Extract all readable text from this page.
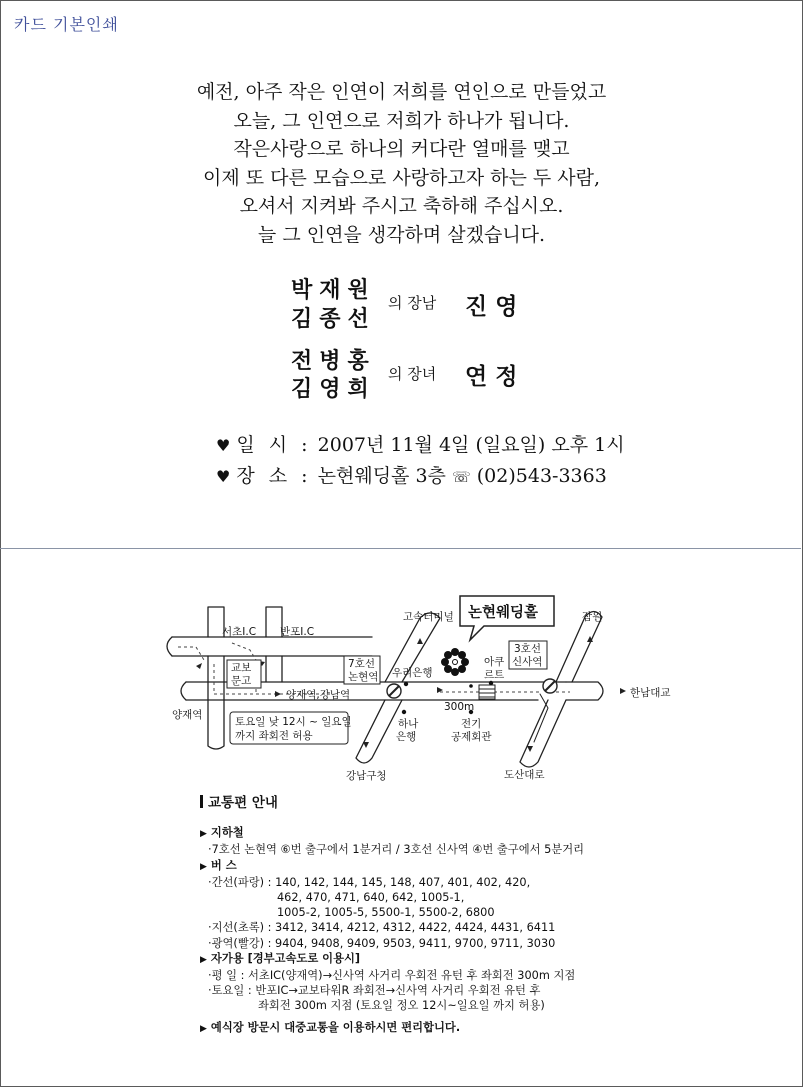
카드 기본인쇄
예전, 아주 작은 인연이 저희를 연인으로 만들었고
오늘, 그 인연으로 저희가 하나가 됩니다.
작은사랑으로 하나의 커다란 열매를 맺고
이제 또 다른 모습으로 사랑하고자 하는 두 사람,
오셔서 지켜봐 주시고 축하해 주십시오.
늘 그 인연을 생각하며 살겠습니다.
박재원
김종선
의 장남 진영
전병홍
김영희
의 장녀 연정
♥ 일 시 : 2007년 11월 4일 (일요일) 오후 1시
♥ 장 소 : 논현웨딩홀 3층 ☏ (02)543-3363
서초I.C 반포I.C
교보
문고
양재역
양재역,강남역
토요일 낮 12시 ~ 일요일
까지 좌회전 허용
7호선
논현역 우리은행
하나
은행
강남구청
고속터미널
아쿠
르트
300m
전기
공제회관
3호선
신사역
잠원
한남대교
도산대로
논현웨딩홀
교통편 안내
▶ 지하철
·7호선 논현역 ⑥번 출구에서 1분거리 / 3호선 신사역 ④번 출구에서 5분거리
▶ 버 스
·간선(파랑) : 140, 142, 144, 145, 148, 407, 401, 402, 420,
462, 470, 471, 640, 642, 1005-1,
1005-2, 1005-5, 5500-1, 5500-2, 6800
·지선(초록) : 3412, 3414, 4212, 4312, 4422, 4424, 4431, 6411
·광역(빨강) : 9404, 9408, 9409, 9503, 9411, 9700, 9711, 3030
▶ 자가용 [경부고속도로 이용시]
·평 일 : 서초IC(양재역)→신사역 사거리 우회전 유턴 후 좌회전 300m 지점
·토요일 : 반포IC→교보타워R 좌회전→신사역 사거리 우회전 유턴 후
좌회전 300m 지점 (토요일 정오 12시~일요일 까지 허용)
▶ 예식장 방문시 대중교통을 이용하시면 편리합니다.
